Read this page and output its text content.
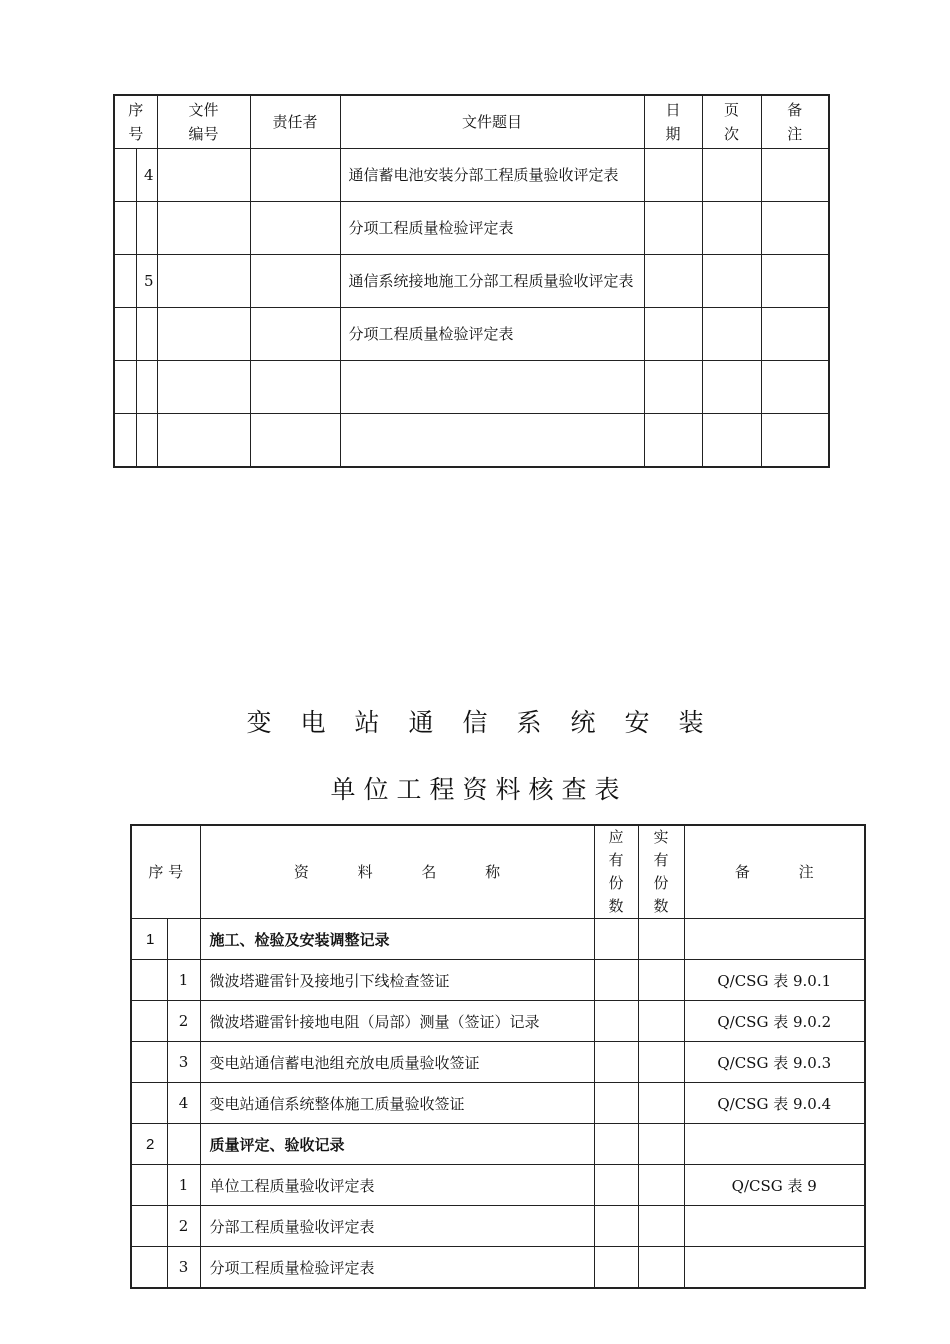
序号		文件编号	责任者	文件题目	日期	页次	备注
	4			通信蓄电池安装分部工程质量验收评定表			
				分项工程质量检验评定表			
	5			通信系统接地施工分部工程质量验收评定表			
				分项工程质量检验评定表			

变电站通信系统安装
单位工程资料核查表
序 号		资 料 名 称	应有份数	实有份数	备 注
1		施工、检验及安装调整记录			
	1	微波塔避雷针及接地引下线检查签证			Q/CSG 表 9.0.1
	2	微波塔避雷针接地电阻（局部）测量（签证）记录			Q/CSG 表 9.0.2
	3	变电站通信蓄电池组充放电质量验收签证			Q/CSG 表 9.0.3
	4	变电站通信系统整体施工质量验收签证			Q/CSG 表 9.0.4
2		质量评定、验收记录			
	1	单位工程质量验收评定表			Q/CSG 表 9
	2	分部工程质量验收评定表			
	3	分项工程质量检验评定表			
